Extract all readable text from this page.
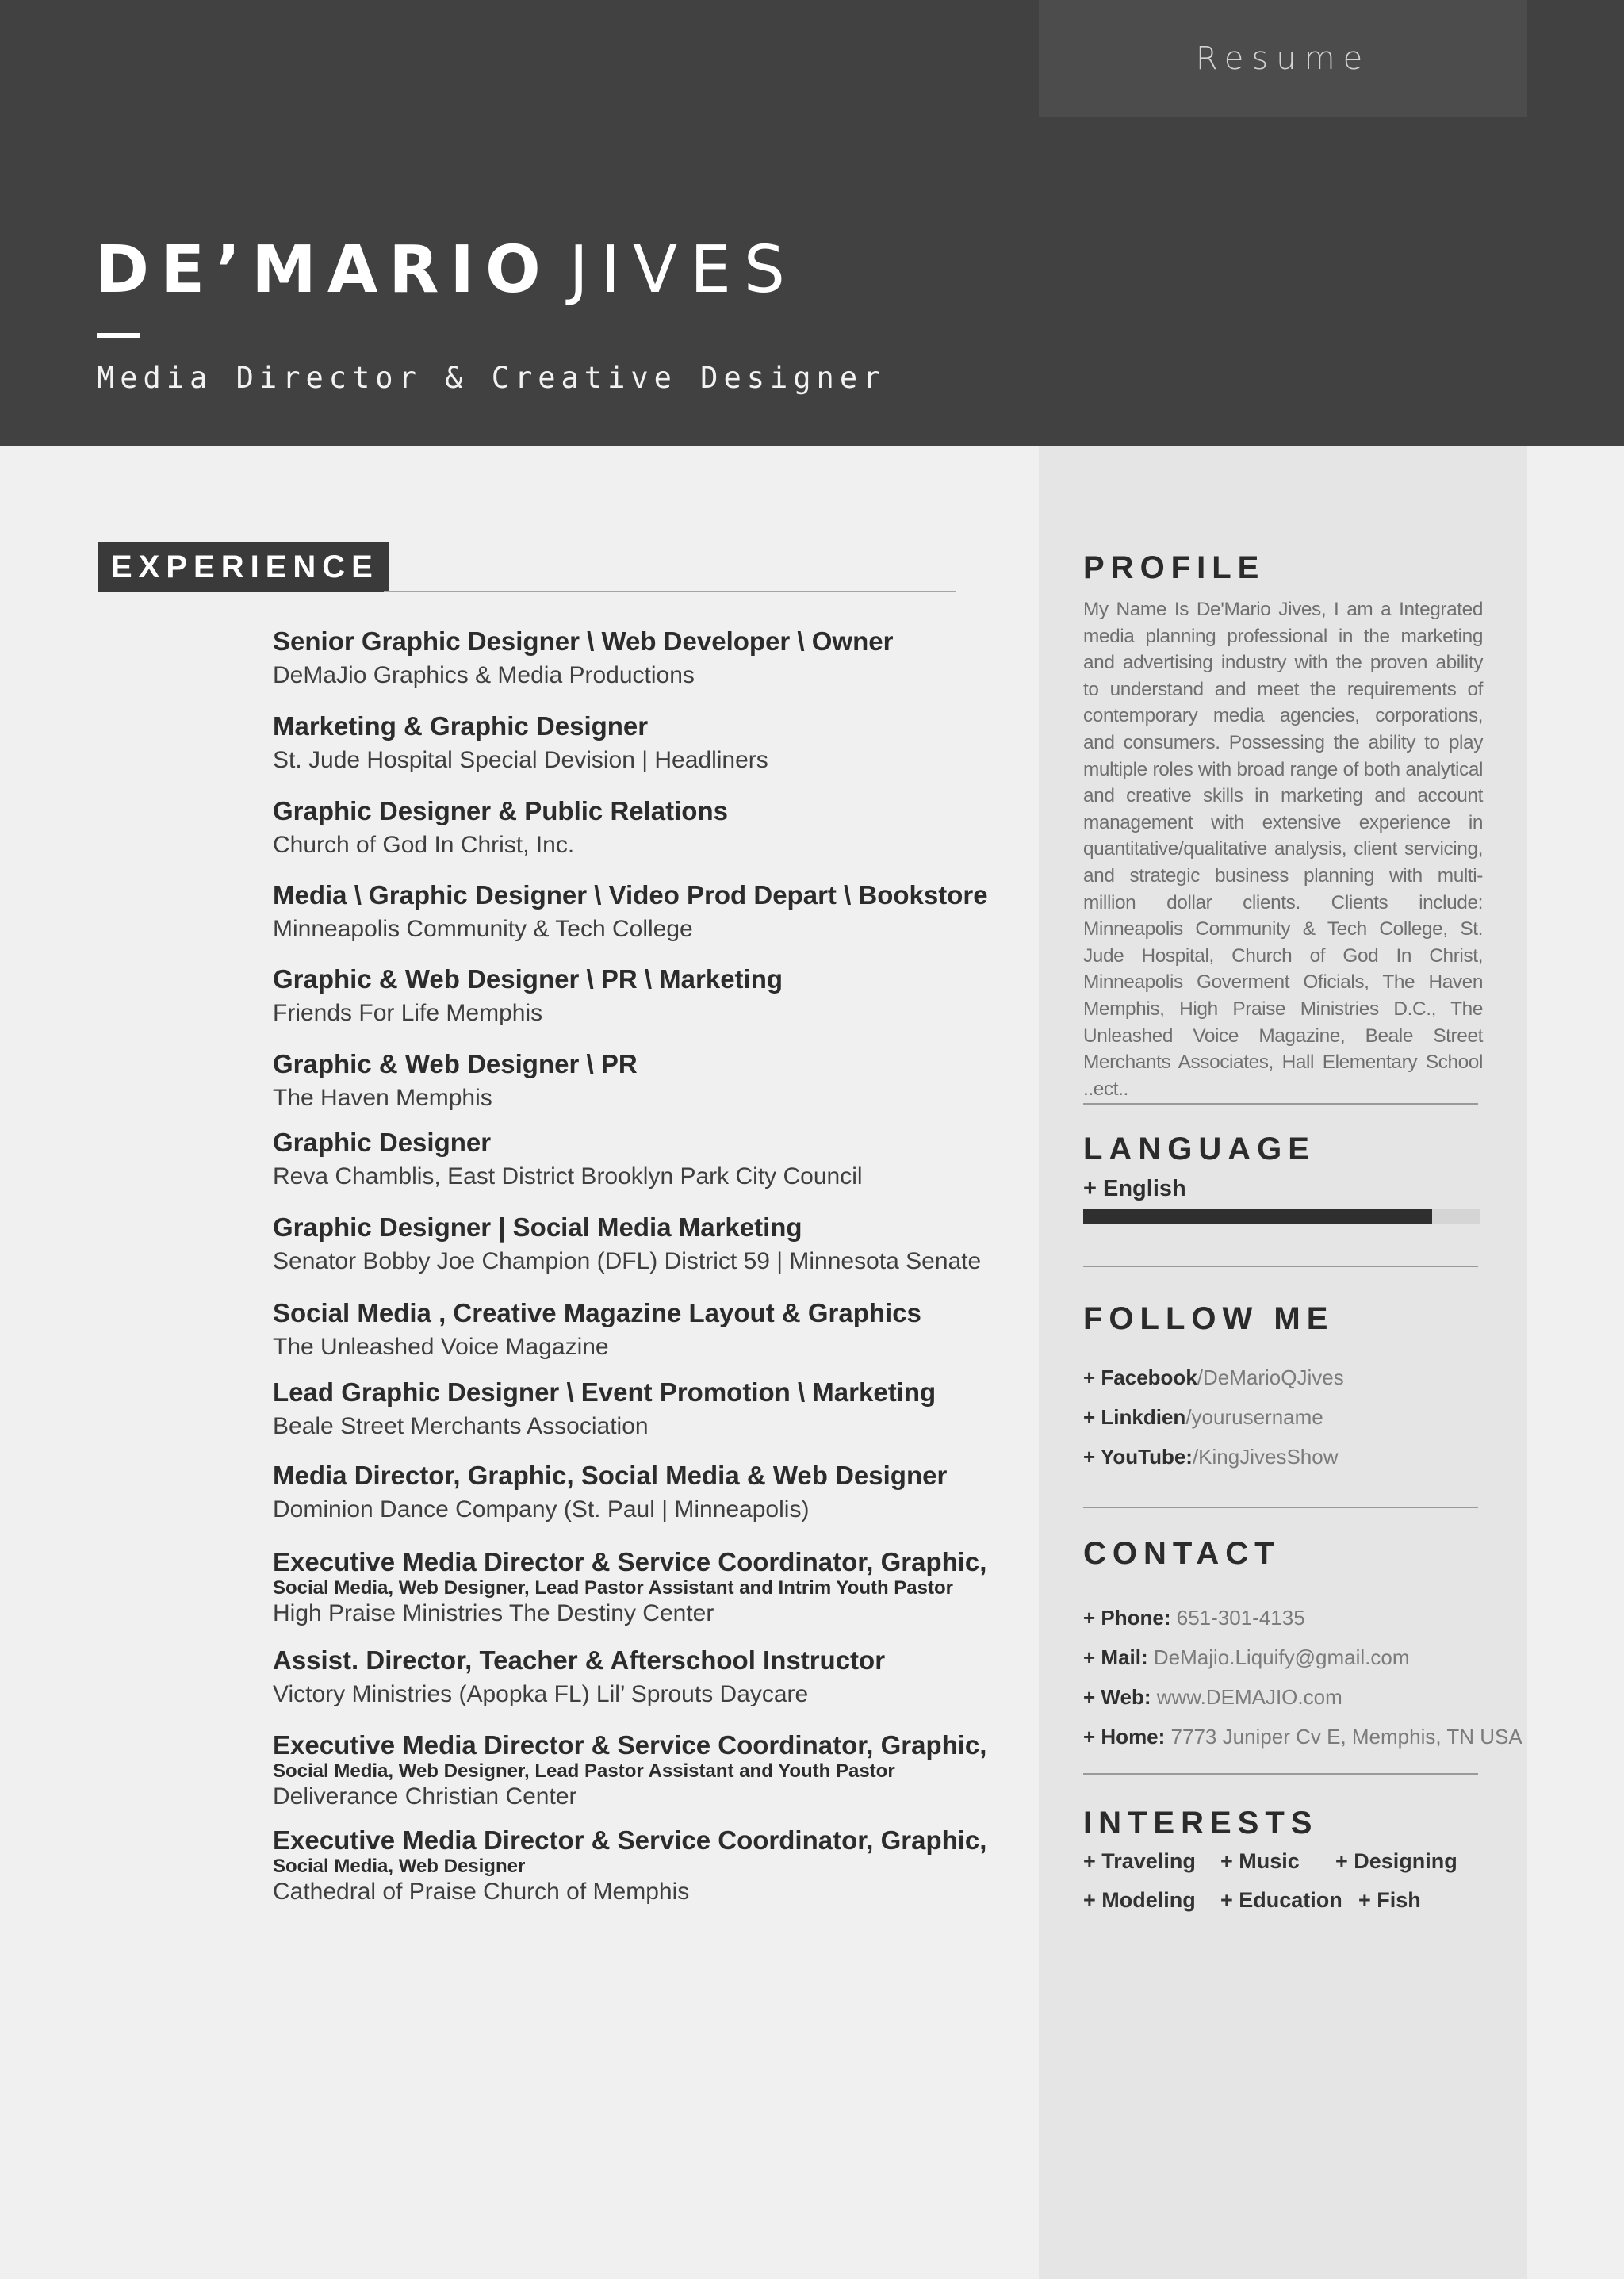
Resume
DE’MARIO JIVES
Media Director & Creative Designer
EXPERIENCE
Senior Graphic Designer \ Web Developer \ Owner
DeMaJio Graphics & Media Productions
Marketing & Graphic Designer
St. Jude Hospital Special Devision | Headliners
Graphic Designer & Public Relations
Church of God In Christ, Inc.
Media \ Graphic Designer \ Video Prod Depart \ Bookstore
Minneapolis Community & Tech College
Graphic & Web Designer \ PR \ Marketing
Friends For Life Memphis
Graphic & Web Designer \ PR
The Haven Memphis
Graphic Designer
Reva Chamblis, East District Brooklyn Park City Council
Graphic Designer | Social Media Marketing
Senator Bobby Joe Champion (DFL) District 59 | Minnesota Senate
Social Media , Creative Magazine Layout & Graphics
The Unleashed Voice Magazine
Lead Graphic Designer \ Event Promotion \ Marketing
Beale Street Merchants Association
Media Director, Graphic, Social Media & Web Designer
Dominion Dance Company (St. Paul | Minneapolis)
Executive Media Director & Service Coordinator, Graphic,
Social Media, Web Designer, Lead Pastor Assistant and Intrim Youth Pastor
High Praise Ministries The Destiny Center
Assist. Director, Teacher & Afterschool Instructor
Victory Ministries (Apopka FL) Lil’ Sprouts Daycare
Executive Media Director & Service Coordinator, Graphic,
Social Media, Web Designer, Lead Pastor Assistant and Youth Pastor
Deliverance Christian Center
Executive Media Director & Service Coordinator, Graphic,
Social Media, Web Designer
Cathedral of Praise Church of Memphis
PROFILE
My Name Is De'Mario Jives, I am a Integrated media planning professional in the marketing and advertising industry with the proven ability to understand and meet the requirements of contemporary media agencies, corporations, and consumers. Possessing the ability to play multiple roles with broad range of both analytical and creative skills in marketing and account management with extensive experience in quantitative/qualitative analysis, client servicing, and strategic business planning with multi-million dollar clients. Clients include: Minneapolis Community & Tech College, St. Jude Hospital, Church of God In Christ, Minneapolis Goverment Oficials, The Haven Memphis, High Praise Ministries D.C., The Unleashed Voice Magazine, Beale Street Merchants Associates, Hall Elementary School ..ect..
LANGUAGE
+ English
FOLLOW ME
+ Facebook/DeMarioQJives
+ Linkdien/yourusername
+ YouTube:/KingJivesShow
CONTACT
+ Phone: 651-301-4135
+ Mail: DeMajio.Liquify@gmail.com
+ Web: www.DEMAJIO.com
+ Home: 7773 Juniper Cv E, Memphis, TN USA
INTERESTS
+ Traveling + Music + Designing
+ Modeling + Education + Fish
